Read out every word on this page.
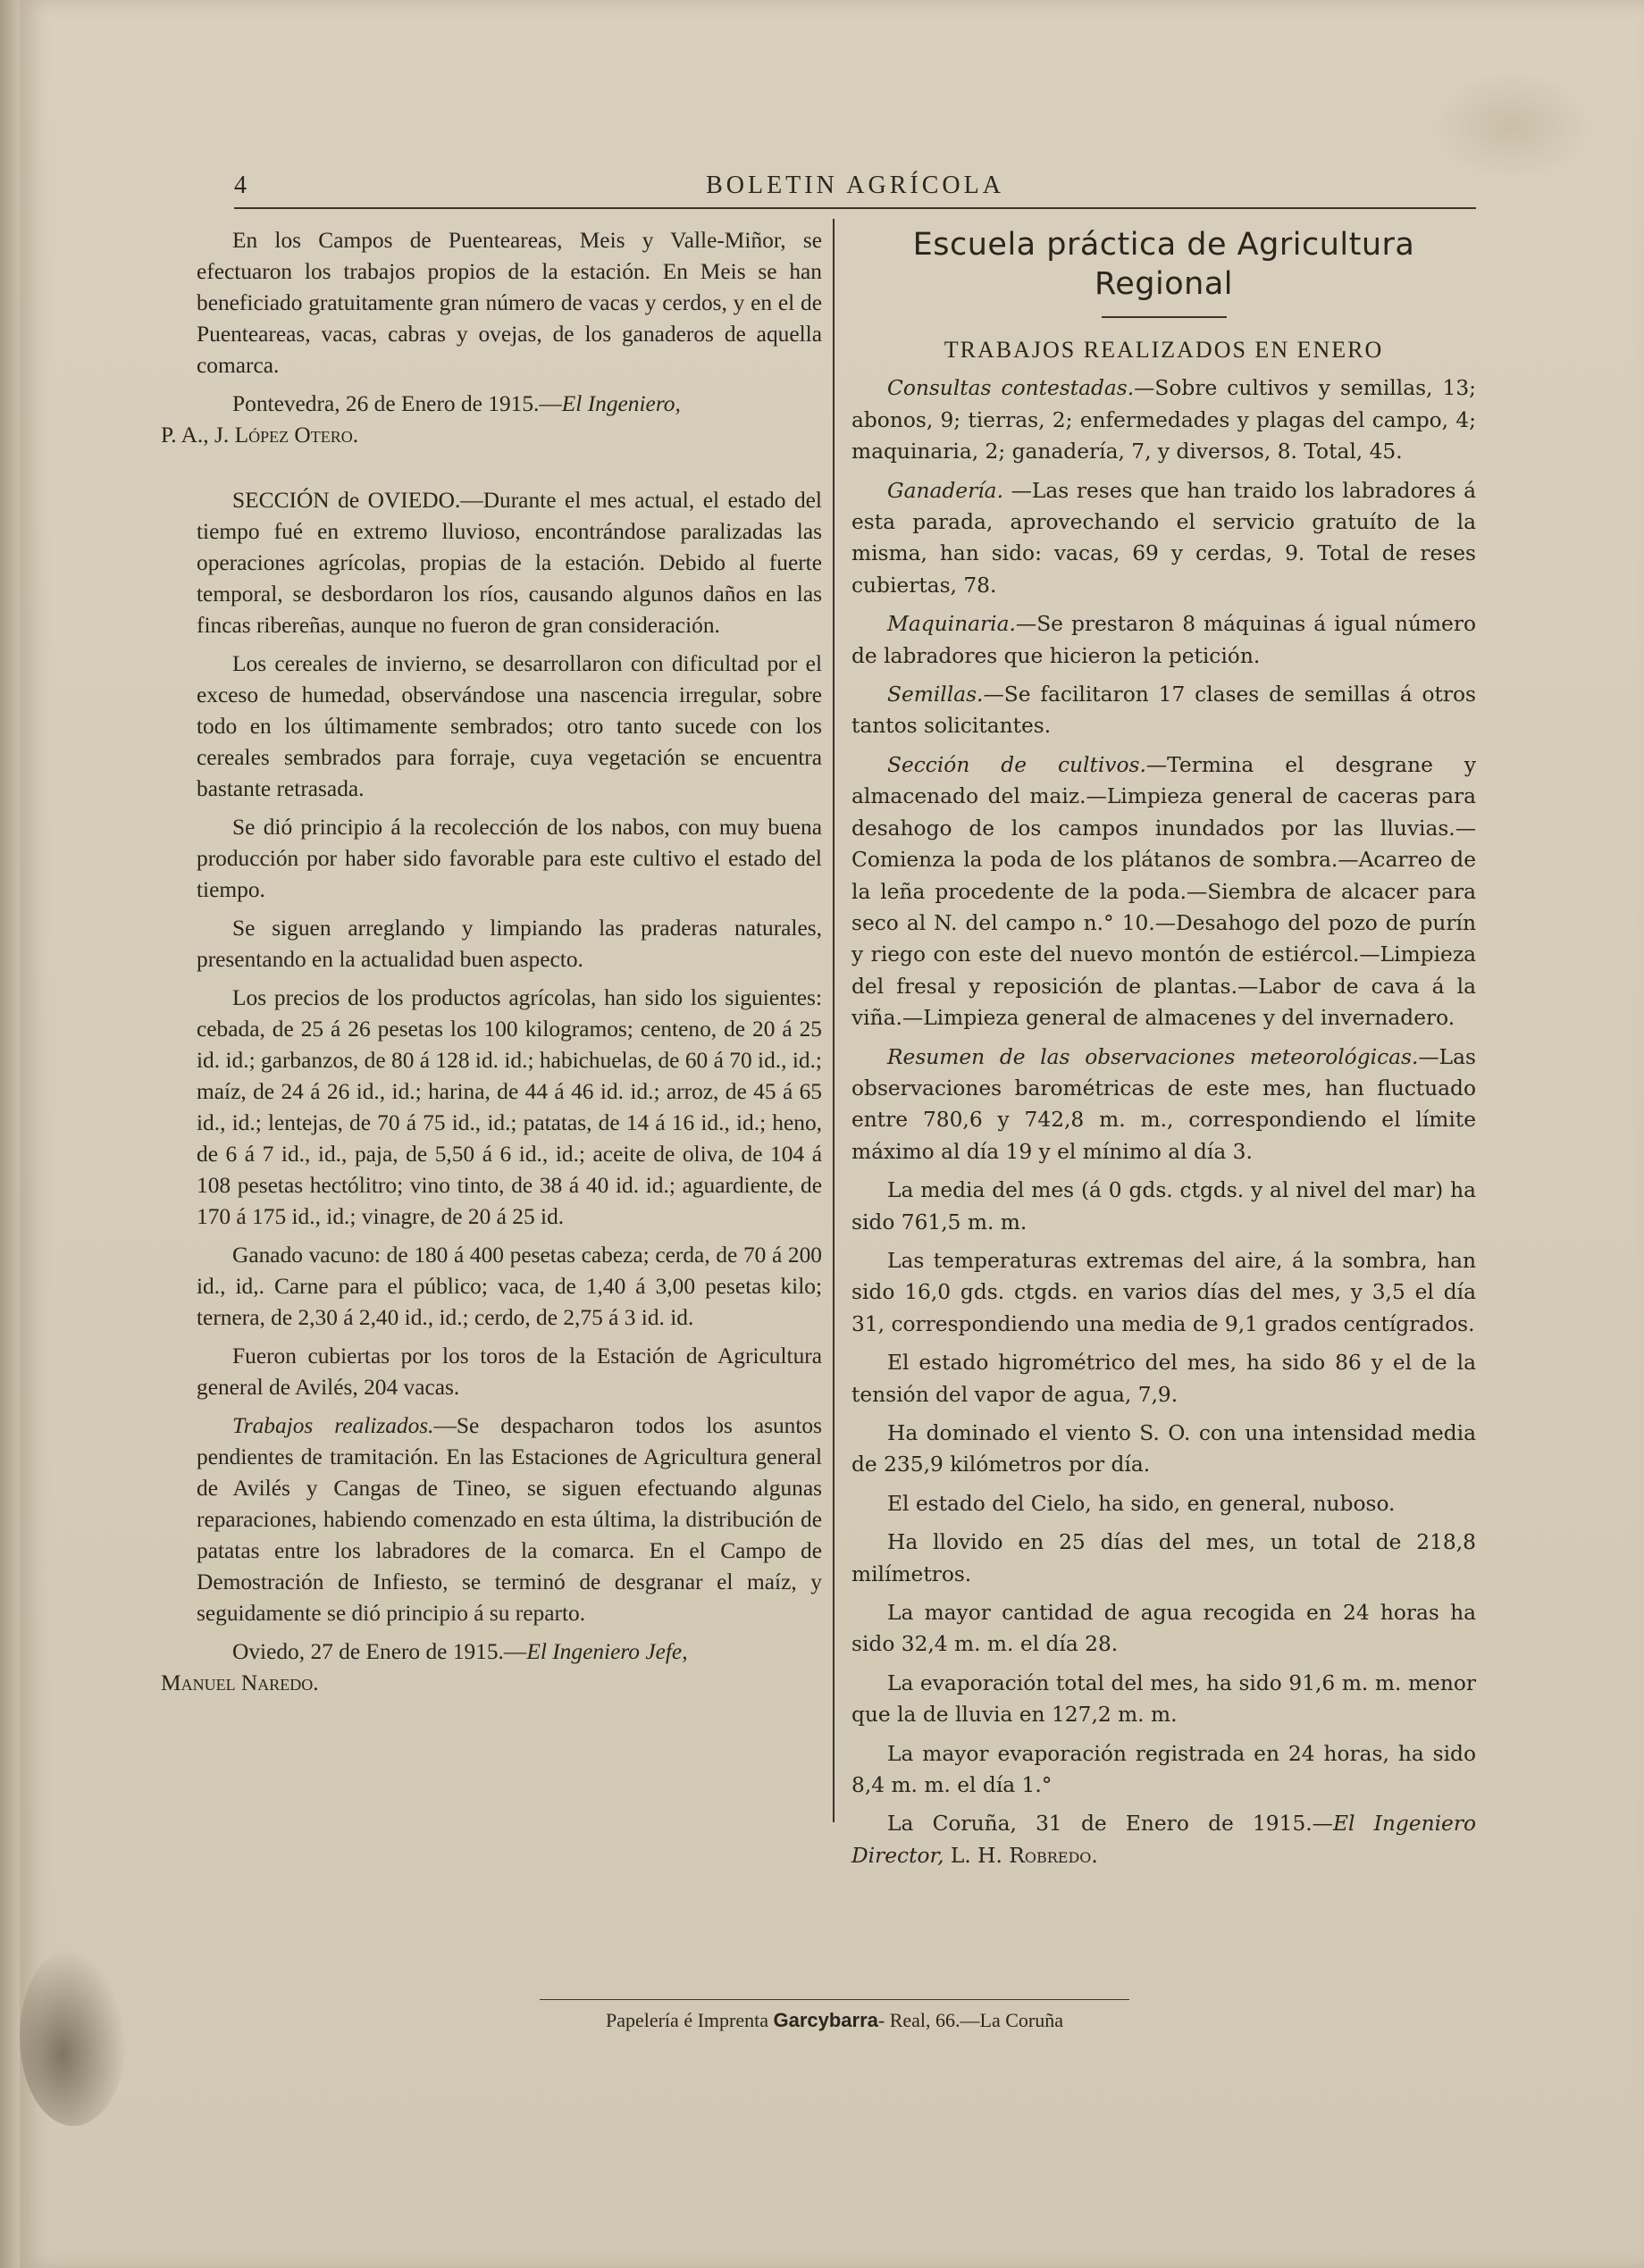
4	BOLETIN AGRÍCOLA

En los Campos de Puenteareas, Meis y Valle-Miñor, se efectuaron los trabajos propios de la estación. En Meis se han beneficiado gratuitamente gran número de vacas y cerdos, y en el de Puenteareas, vacas, cabras y ovejas, de los ganaderos de aquella comarca.

Pontevedra, 26 de Enero de 1915.—El Ingeniero,
P. A., J. López Otero.

SECCIÓN de OVIEDO.—Durante el mes actual, el estado del tiempo fué en extremo lluvioso, encontrándose paralizadas las operaciones agrícolas, propias de la estación. Debido al fuerte temporal, se desbordaron los ríos, causando algunos daños en las fincas ribereñas, aunque no fueron de gran consideración.

Los cereales de invierno, se desarrollaron con dificultad por el exceso de humedad, observándose una nascencia irregular, sobre todo en los últimamente sembrados; otro tanto sucede con los cereales sembrados para forraje, cuya vegetación se encuentra bastante retrasada.

Se dió principio á la recolección de los nabos, con muy buena producción por haber sido favorable para este cultivo el estado del tiempo.

Se siguen arreglando y limpiando las praderas naturales, presentando en la actualidad buen aspecto.

Los precios de los productos agrícolas, han sido los siguientes: cebada, de 25 á 26 pesetas los 100 kilogramos; centeno, de 20 á 25 id. id.; garbanzos, de 80 á 128 id. id.; habichuelas, de 60 á 70 id., id.; maíz, de 24 á 26 id., id.; harina, de 44 á 46 id. id.; arroz, de 45 á 65 id., id.; lentejas, de 70 á 75 id., id.; patatas, de 14 á 16 id., id.; heno, de 6 á 7 id., id., paja, de 5,50 á 6 id., id.; aceite de oliva, de 104 á 108 pesetas hectólitro; vino tinto, de 38 á 40 id. id.; aguardiente, de 170 á 175 id., id.; vinagre, de 20 á 25 id.

Ganado vacuno: de 180 á 400 pesetas cabeza; cerda, de 70 á 200 id., id,. Carne para el público; vaca, de 1,40 á 3,00 pesetas kilo; ternera, de 2,30 á 2,40 id., id.; cerdo, de 2,75 á 3 id. id.

Fueron cubiertas por los toros de la Estación de Agricultura general de Avilés, 204 vacas.

Trabajos realizados.—Se despacharon todos los asuntos pendientes de tramitación. En las Estaciones de Agricultura general de Avilés y Cangas de Tineo, se siguen efectuando algunas reparaciones, habiendo comenzado en esta última, la distribución de patatas entre los labradores de la comarca. En el Campo de Demostración de Infiesto, se terminó de desgranar el maíz, y seguidamente se dió principio á su reparto.

Oviedo, 27 de Enero de 1915.—El Ingeniero Jefe,
Manuel Naredo.

Escuela práctica de Agricultura Regional

TRABAJOS REALIZADOS EN ENERO

Consultas contestadas.—Sobre cultivos y semillas, 13; abonos, 9; tierras, 2; enfermedades y plagas del campo, 4; maquinaria, 2; ganadería, 7, y diversos, 8. Total, 45.

Ganadería. —Las reses que han traido los labradores á esta parada, aprovechando el servicio gratuíto de la misma, han sido: vacas, 69 y cerdas, 9. Total de reses cubiertas, 78.

Maquinaria.—Se prestaron 8 máquinas á igual número de labradores que hicieron la petición.

Semillas.—Se facilitaron 17 clases de semillas á otros tantos solicitantes.

Sección de cultivos.—Termina el desgrane y almacenado del maiz.—Limpieza general de caceras para desahogo de los campos inundados por las lluvias.—Comienza la poda de los plátanos de sombra.—Acarreo de la leña procedente de la poda.—Siembra de alcacer para seco al N. del campo n.° 10.—Desahogo del pozo de purín y riego con este del nuevo montón de estiércol.—Limpieza del fresal y reposición de plantas.—Labor de cava á la viña.—Limpieza general de almacenes y del invernadero.

Resumen de las observaciones meteorológicas.—Las observaciones barométricas de este mes, han fluctuado entre 780,6 y 742,8 m. m., correspondiendo el límite máximo al día 19 y el mínimo al día 3.

La media del mes (á 0 gds. ctgds. y al nivel del mar) ha sido 761,5 m. m.

Las temperaturas extremas del aire, á la sombra, han sido 16,0 gds. ctgds. en varios días del mes, y 3,5 el día 31, correspondiendo una media de 9,1 grados centígrados.

El estado higrométrico del mes, ha sido 86 y el de la tensión del vapor de agua, 7,9.

Ha dominado el viento S. O. con una intensidad media de 235,9 kilómetros por día.

El estado del Cielo, ha sido, en general, nuboso.

Ha llovido en 25 días del mes, un total de 218,8 milímetros.

La mayor cantidad de agua recogida en 24 horas ha sido 32,4 m. m. el día 28.

La evaporación total del mes, ha sido 91,6 m. m. menor que la de lluvia en 127,2 m. m.

La mayor evaporación registrada en 24 horas, ha sido 8,4 m. m. el día 1.°

La Coruña, 31 de Enero de 1915.—El Ingeniero Director, L. H. Robredo.

Papelería é Imprenta Garcybarra- Real, 66.—La Coruña
